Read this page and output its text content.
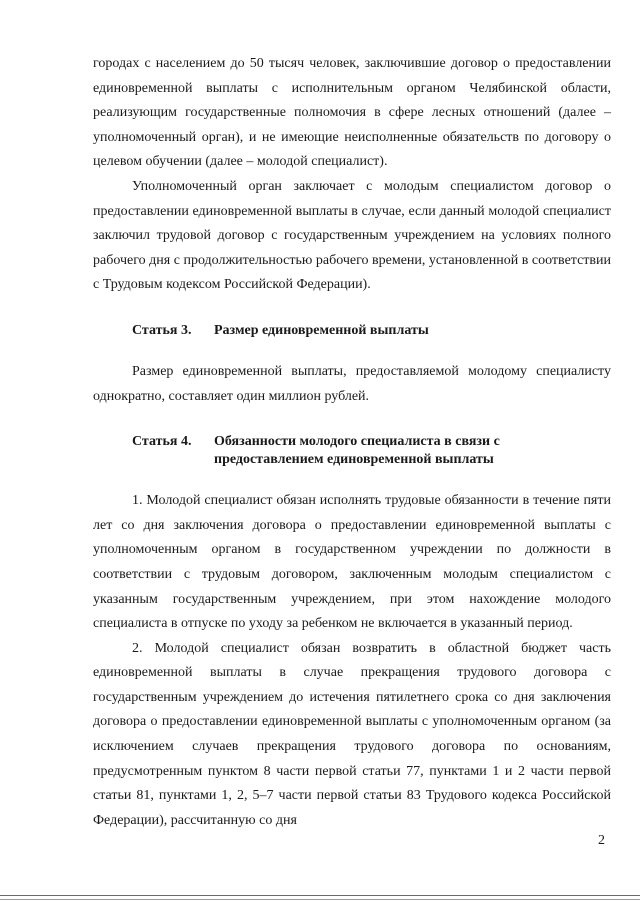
городах с населением до 50 тысяч человек, заключившие договор о предоставлении единовременной выплаты с исполнительным органом Челябинской области, реализующим государственные полномочия в сфере лесных отношений (далее – уполномоченный орган), и не имеющие неисполненные обязательств по договору о целевом обучении (далее – молодой специалист).

Уполномоченный орган заключает с молодым специалистом договор о предоставлении единовременной выплаты в случае, если данный молодой специалист заключил трудовой договор с государственным учреждением на условиях полного рабочего дня с продолжительностью рабочего времени, установленной в соответствии с Трудовым кодексом Российской Федерации).

Статья 3.	Размер единовременной выплаты

Размер единовременной выплаты, предоставляемой молодому специалисту однократно, составляет один миллион рублей.

Статья 4.	Обязанности молодого специалиста в связи с предоставлением единовременной выплаты

1. Молодой специалист обязан исполнять трудовые обязанности в течение пяти лет со дня заключения договора о предоставлении единовременной выплаты с уполномоченным органом в государственном учреждении по должности в соответствии с трудовым договором, заключенным молодым специалистом с указанным государственным учреждением, при этом нахождение молодого специалиста в отпуске по уходу за ребенком не включается в указанный период.

2. Молодой специалист обязан возвратить в областной бюджет часть единовременной выплаты в случае прекращения трудового договора с государственным учреждением до истечения пятилетнего срока со дня заключения договора о предоставлении единовременной выплаты с уполномоченным органом (за исключением случаев прекращения трудового договора по основаниям, предусмотренным пунктом 8 части первой статьи 77, пунктами 1 и 2 части первой статьи 81, пунктами 1, 2, 5–7 части первой статьи 83 Трудового кодекса Российской Федерации), рассчитанную со дня

2
